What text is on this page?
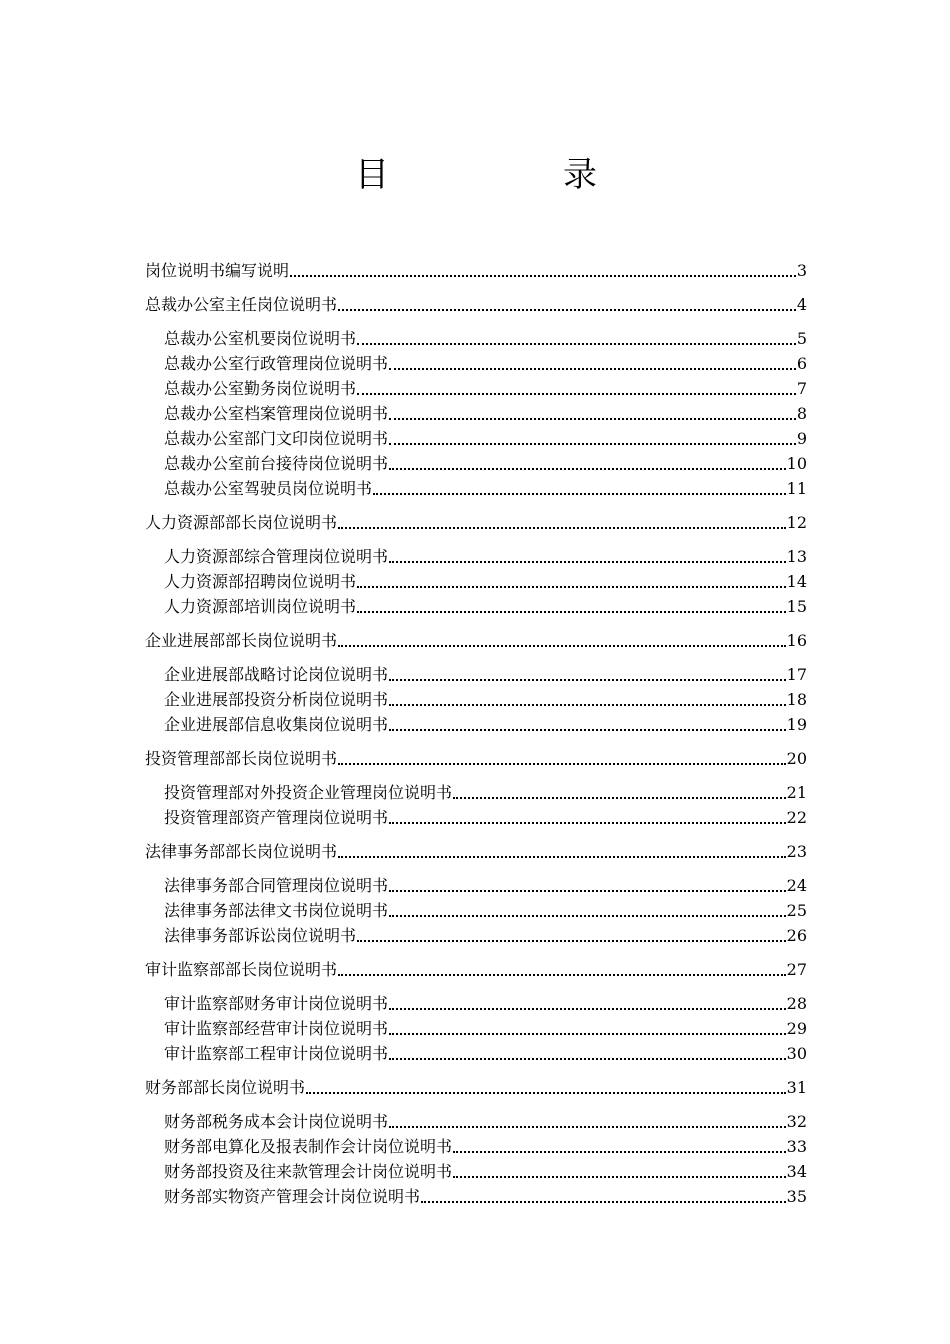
目	录
岗位说明书编写说明	3
总裁办公室主任岗位说明书	4
总裁办公室机要岗位说明书	5
总裁办公室行政管理岗位说明书	6
总裁办公室勤务岗位说明书	7
总裁办公室档案管理岗位说明书	8
总裁办公室部门文印岗位说明书	9
总裁办公室前台接待岗位说明书	10
总裁办公室驾驶员岗位说明书	11
人力资源部部长岗位说明书	12
人力资源部综合管理岗位说明书	13
人力资源部招聘岗位说明书	14
人力资源部培训岗位说明书	15
企业进展部部长岗位说明书	16
企业进展部战略讨论岗位说明书	17
企业进展部投资分析岗位说明书	18
企业进展部信息收集岗位说明书	19
投资管理部部长岗位说明书	20
投资管理部对外投资企业管理岗位说明书	21
投资管理部资产管理岗位说明书	22
法律事务部部长岗位说明书	23
法律事务部合同管理岗位说明书	24
法律事务部法律文书岗位说明书	25
法律事务部诉讼岗位说明书	26
审计监察部部长岗位说明书	27
审计监察部财务审计岗位说明书	28
审计监察部经营审计岗位说明书	29
审计监察部工程审计岗位说明书	30
财务部部长岗位说明书	31
财务部税务成本会计岗位说明书	32
财务部电算化及报表制作会计岗位说明书	33
财务部投资及往来款管理会计岗位说明书	34
财务部实物资产管理会计岗位说明书	35
